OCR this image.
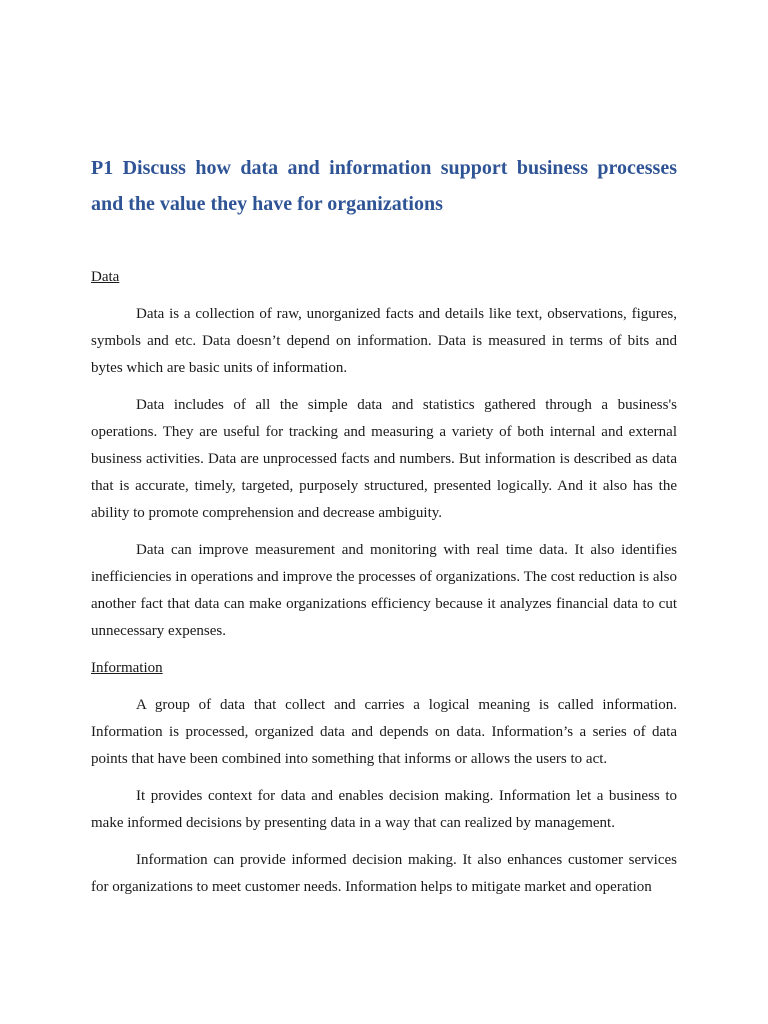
P1 Discuss how data and information support business processes and the value they have for organizations
Data

Data is a collection of raw, unorganized facts and details like text, observations, figures, symbols and etc. Data doesn’t depend on information. Data is measured in terms of bits and bytes which are basic units of information.

Data includes of all the simple data and statistics gathered through a business's operations. They are useful for tracking and measuring a variety of both internal and external business activities. Data are unprocessed facts and numbers. But information is described as data that is accurate, timely, targeted, purposely structured, presented logically. And it also has the ability to promote comprehension and decrease ambiguity.

Data can improve measurement and monitoring with real time data. It also identifies inefficiencies in operations and improve the processes of organizations. The cost reduction is also another fact that data can make organizations efficiency because it analyzes financial data to cut unnecessary expenses.

Information

A group of data that collect and carries a logical meaning is called information. Information is processed, organized data and depends on data. Information’s a series of data points that have been combined into something that informs or allows the users to act.

It provides context for data and enables decision making. Information let a business to make informed decisions by presenting data in a way that can realized by management.

Information can provide informed decision making. It also enhances customer services for organizations to meet customer needs. Information helps to mitigate market and operation
